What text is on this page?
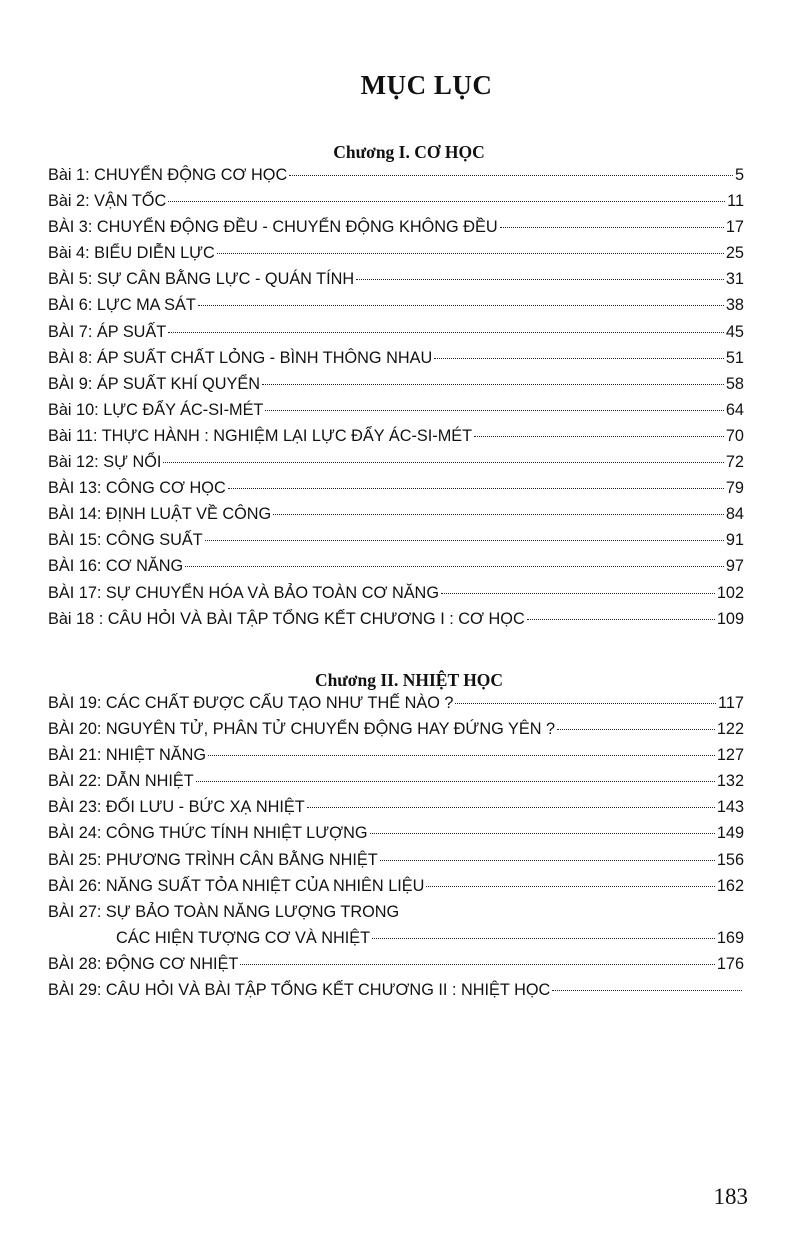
MỤC LỤC
Chương I. CƠ HỌC
Bài 1: CHUYỂN ĐỘNG CƠ HỌC	5
Bài 2: VẬN TỐC	11
BÀI 3: CHUYỂN ĐỘNG ĐỀU - CHUYỂN ĐỘNG KHÔNG ĐỀU	17
Bài 4: BIỂU DIỄN LỰC	25
BÀI 5: SỰ CÂN BẰNG LỰC - QUÁN TÍNH	31
BÀI 6: LỰC MA SÁT	38
BÀI 7: ÁP SUẤT	45
BÀI 8: ÁP SUẤT CHẤT LỎNG - BÌNH THÔNG NHAU	51
BÀI 9: ÁP SUẤT KHÍ QUYỂN	58
Bài 10: LỰC ĐẨY ÁC-SI-MÉT	64
Bài 11: THỰC HÀNH : NGHIỆM LẠI LỰC ĐẨY ÁC-SI-MÉT	70
Bài 12: SỰ NỔI	72
BÀI 13: CÔNG CƠ HỌC	79
BÀI 14: ĐỊNH LUẬT VỀ CÔNG	84
BÀI 15: CÔNG SUẤT	91
BÀI 16: CƠ NĂNG	97
BÀI 17: SỰ CHUYỂN HÓA VÀ BẢO TOÀN CƠ NĂNG	102
Bài 18 : CÂU HỎI VÀ BÀI TẬP TỔNG KẾT CHƯƠNG I : CƠ HỌC	109
Chương II. NHIỆT HỌC
BÀI 19: CÁC CHẤT ĐƯỢC CẤU TẠO NHƯ THẾ NÀO ?	117
BÀI 20: NGUYÊN TỬ, PHÂN TỬ CHUYỂN ĐỘNG HAY ĐỨNG YÊN ?	122
BÀI 21: NHIỆT NĂNG	127
BÀI 22: DẪN NHIỆT	132
BÀI 23: ĐỐI LƯU - BỨC XẠ NHIỆT	143
BÀI 24: CÔNG THỨC TÍNH NHIỆT LƯỢNG	149
BÀI 25: PHƯƠNG TRÌNH CÂN BẰNG NHIỆT	156
BÀI 26: NĂNG SUẤT TỎA NHIỆT CỦA NHIÊN LIỆU	162
BÀI 27: SỰ BẢO TOÀN NĂNG LƯỢNG TRONG
CÁC HIỆN TƯỢNG CƠ VÀ NHIỆT	169
BÀI 28: ĐỘNG CƠ NHIỆT	176
BÀI 29: CÂU HỎI VÀ BÀI TẬP TỔNG KẾT CHƯƠNG II : NHIỆT HỌC
183
